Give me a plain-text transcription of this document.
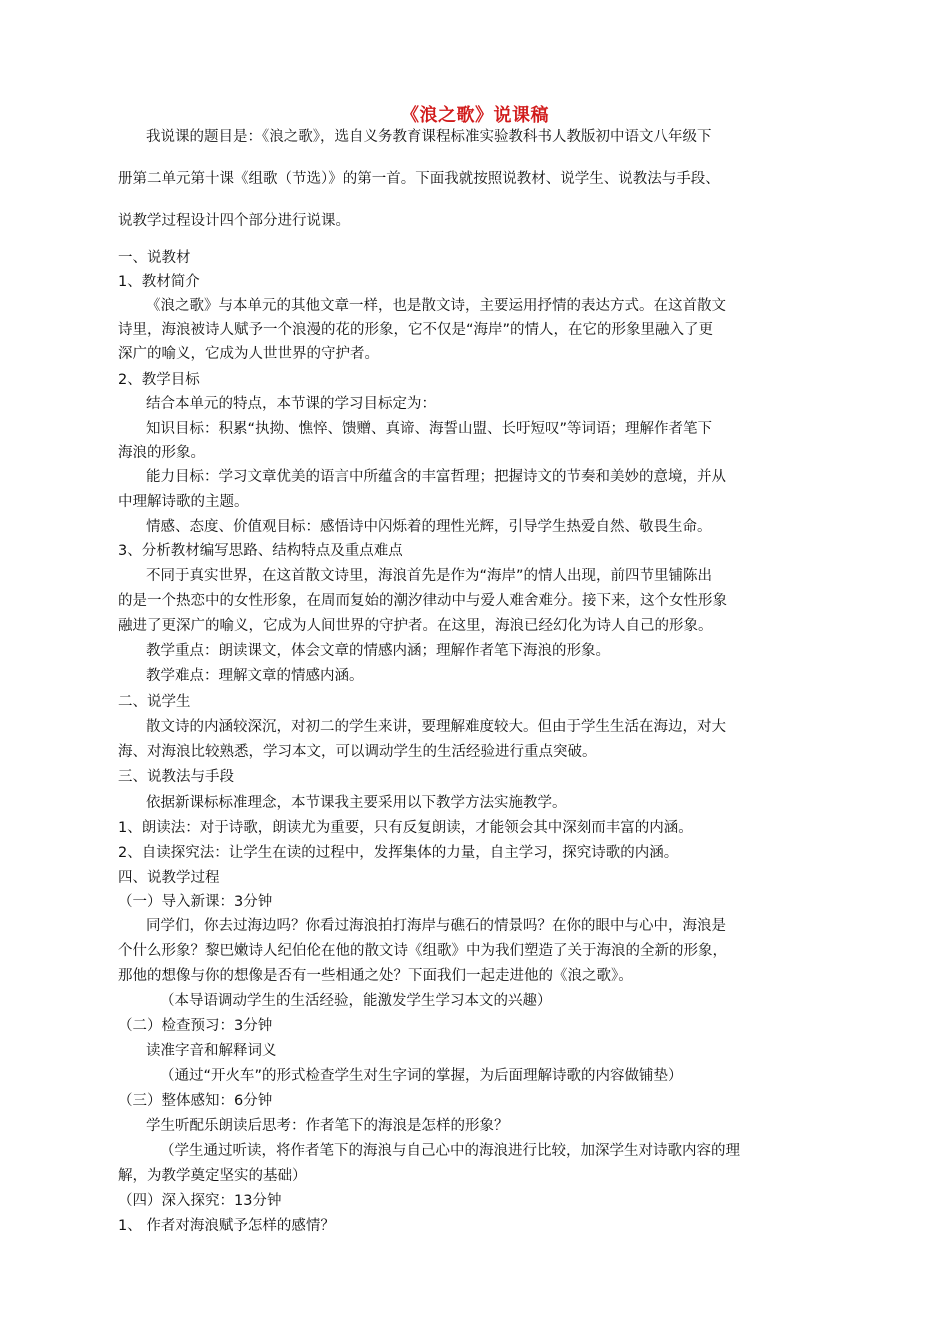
《浪之歌》说课稿
我说课的题目是：《浪之歌》，选自义务教育课程标准实验教科书人教版初中语文八年级下
册第二单元第十课《组歌（节选）》的第一首。下面我就按照说教材、说学生、说教法与手段、
说教学过程设计四个部分进行说课。
一、说教材
1、教材简介
《浪之歌》与本单元的其他文章一样，也是散文诗，主要运用抒情的表达方式。在这首散文
诗里，海浪被诗人赋予一个浪漫的花的形象，它不仅是“海岸”的情人，在它的形象里融入了更
深广的喻义，它成为人世世界的守护者。
2、教学目标
结合本单元的特点，本节课的学习目标定为：
知识目标：积累“执拗、憔悴、馈赠、真谛、海誓山盟、长吁短叹”等词语；理解作者笔下
海浪的形象。
能力目标：学习文章优美的语言中所蕴含的丰富哲理；把握诗文的节奏和美妙的意境，并从
中理解诗歌的主题。
情感、态度、价值观目标：感悟诗中闪烁着的理性光辉，引导学生热爱自然、敬畏生命。
3、分析教材编写思路、结构特点及重点难点
不同于真实世界，在这首散文诗里，海浪首先是作为“海岸”的情人出现，前四节里铺陈出
的是一个热恋中的女性形象，在周而复始的潮汐律动中与爱人难舍难分。接下来，这个女性形象
融进了更深广的喻义，它成为人间世界的守护者。在这里，海浪已经幻化为诗人自己的形象。
教学重点：朗读课文，体会文章的情感内涵；理解作者笔下海浪的形象。
教学难点：理解文章的情感内涵。
二、说学生
散文诗的内涵较深沉，对初二的学生来讲，要理解难度较大。但由于学生生活在海边，对大
海、对海浪比较熟悉，学习本文，可以调动学生的生活经验进行重点突破。
三、说教法与手段
依据新课标标准理念，本节课我主要采用以下教学方法实施教学。
1、朗读法：对于诗歌，朗读尤为重要，只有反复朗读，才能领会其中深刻而丰富的内涵。
2、自读探究法：让学生在读的过程中，发挥集体的力量，自主学习，探究诗歌的内涵。
四、说教学过程
（一）导入新课：3分钟
同学们，你去过海边吗？你看过海浪拍打海岸与礁石的情景吗？在你的眼中与心中，海浪是
个什么形象？黎巴嫩诗人纪伯伦在他的散文诗《组歌》中为我们塑造了关于海浪的全新的形象，
那他的想像与你的想像是否有一些相通之处？下面我们一起走进他的《浪之歌》。
（本导语调动学生的生活经验，能激发学生学习本文的兴趣）
（二）检查预习：3分钟
读准字音和解释词义
（通过“开火车”的形式检查学生对生字词的掌握，为后面理解诗歌的内容做铺垫）
（三）整体感知：6分钟
学生听配乐朗读后思考：作者笔下的海浪是怎样的形象？
（学生通过听读，将作者笔下的海浪与自己心中的海浪进行比较，加深学生对诗歌内容的理
解，为教学奠定坚实的基础）
（四）深入探究：13分钟
1、 作者对海浪赋予怎样的感情？
